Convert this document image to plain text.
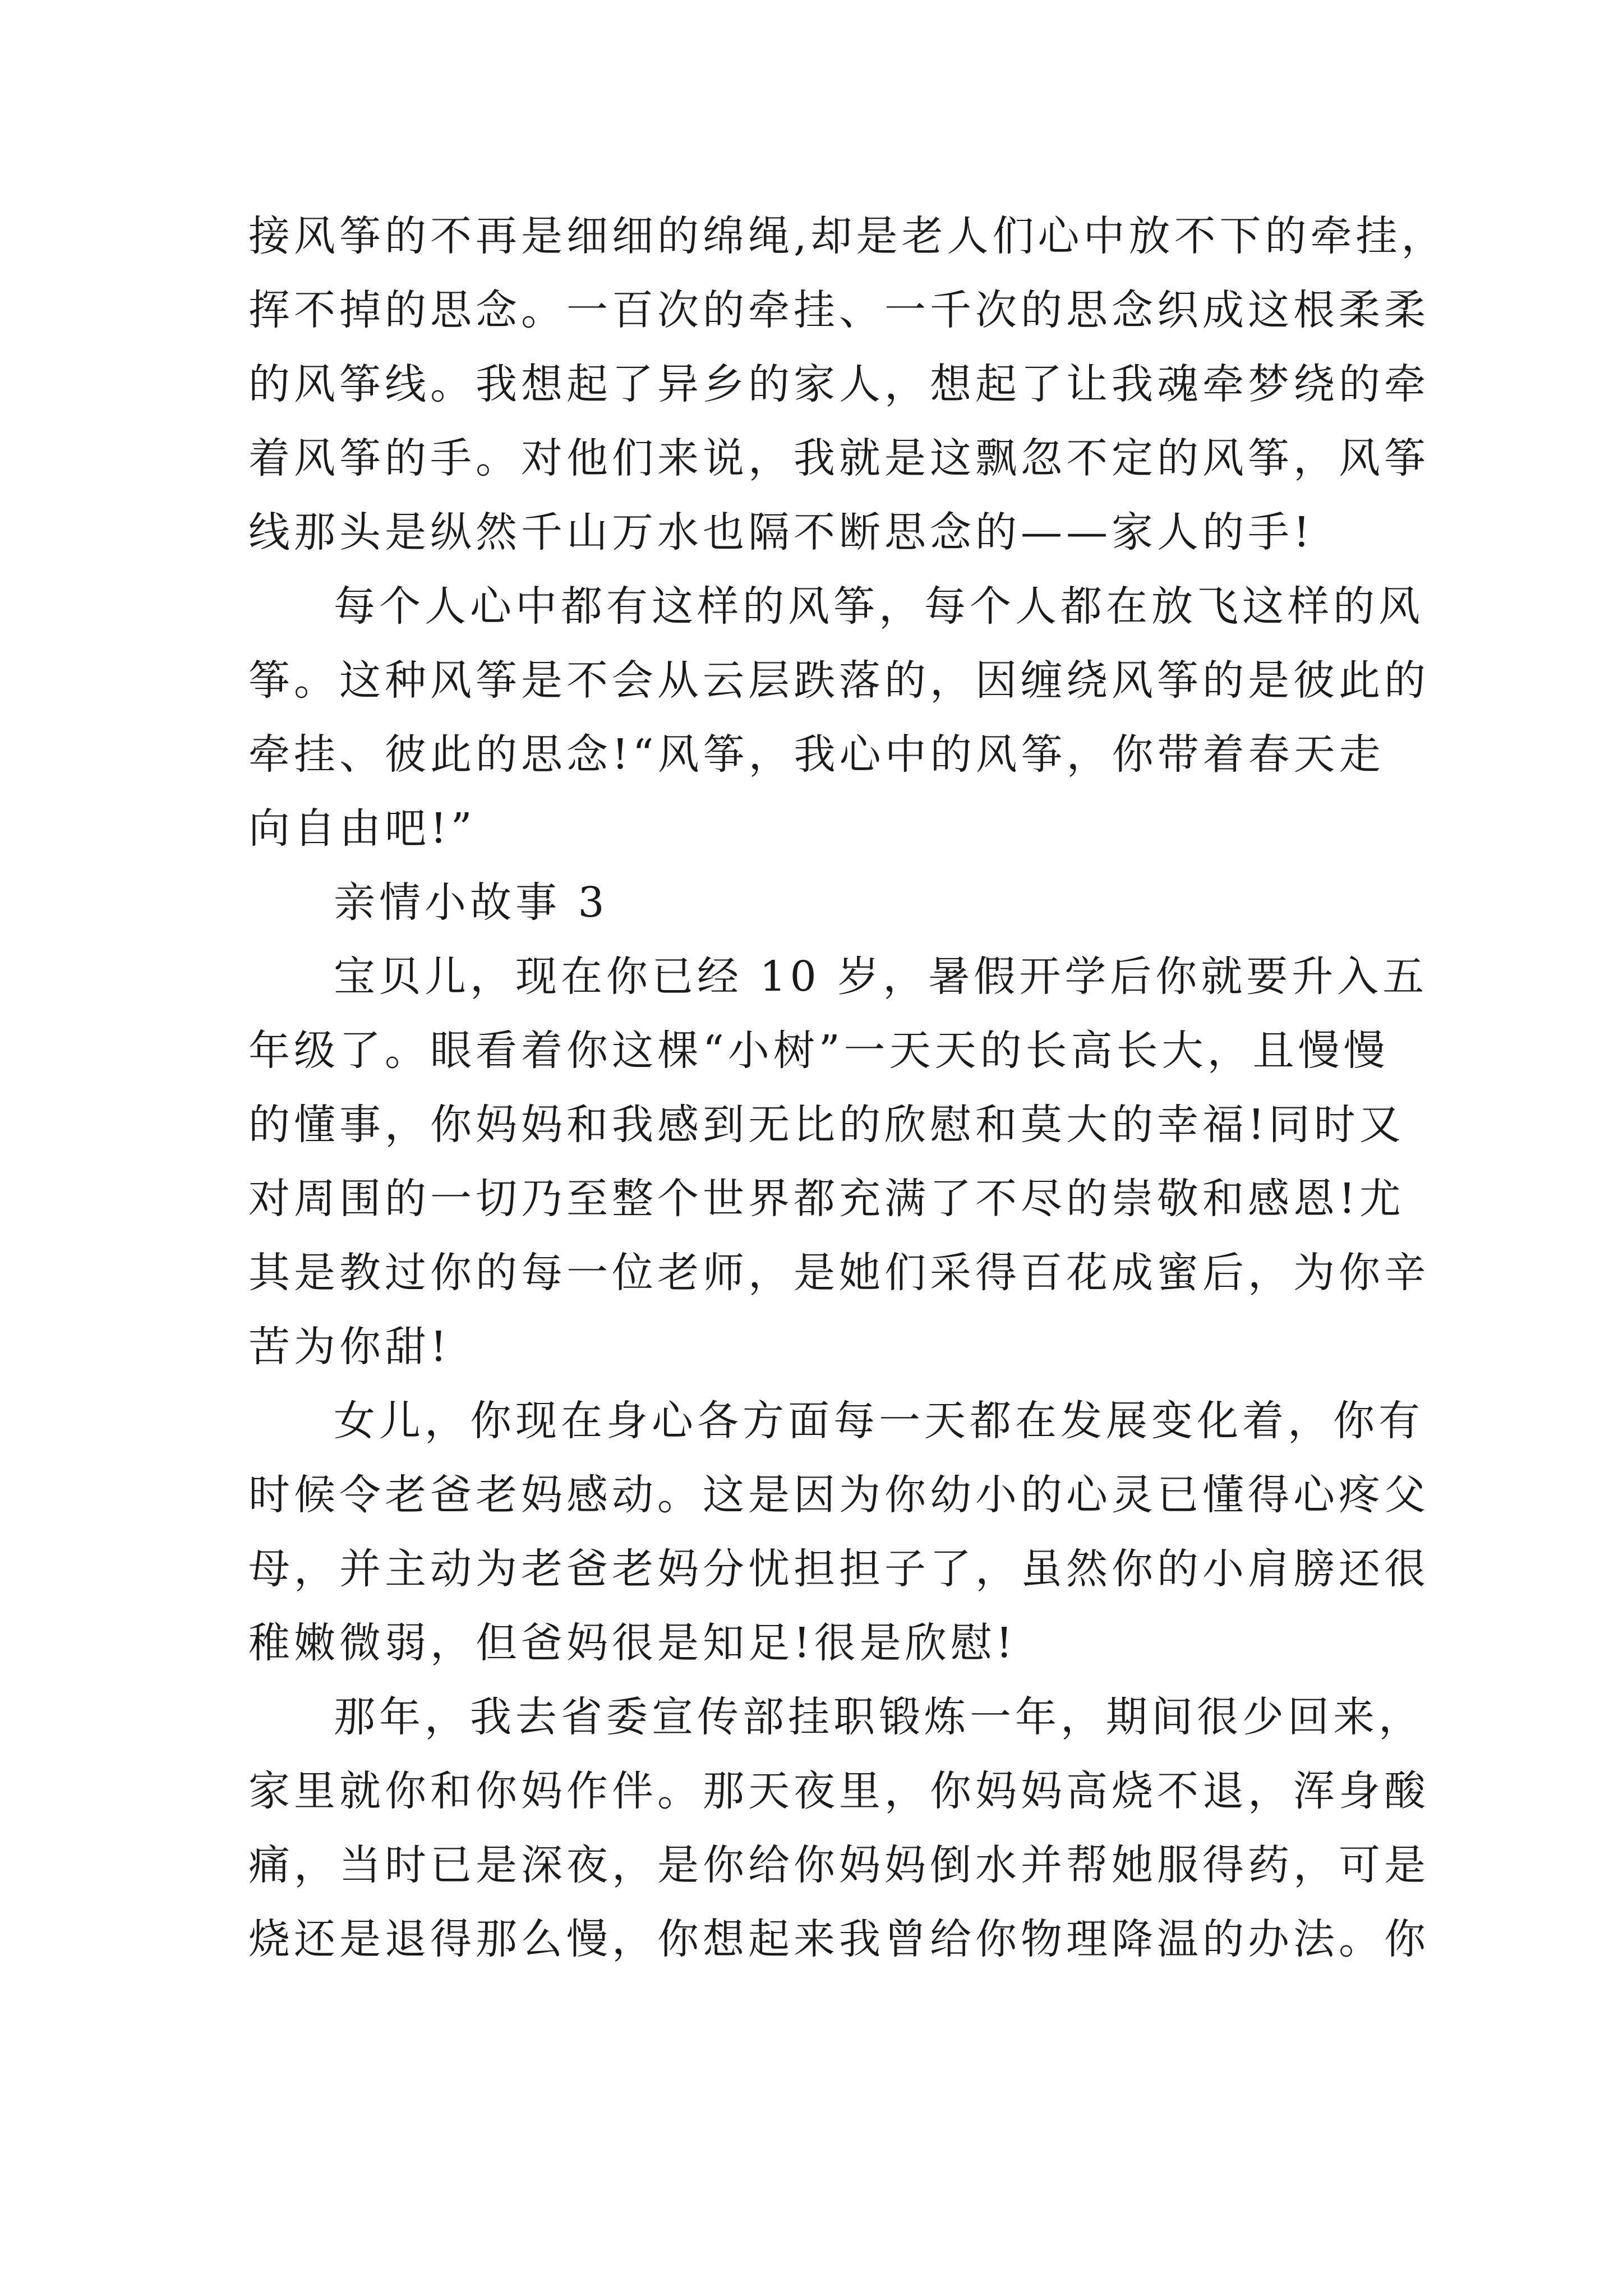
接风筝的不再是细细的绵绳,却是老人们心中放不下的牵挂，
挥不掉的思念。一百次的牵挂、一千次的思念织成这根柔柔
的风筝线。我想起了异乡的家人，想起了让我魂牵梦绕的牵
着风筝的手。对他们来说，我就是这飘忽不定的风筝，风筝
线那头是纵然千山万水也隔不断思念的——家人的手!
每个人心中都有这样的风筝，每个人都在放飞这样的风
筝。这种风筝是不会从云层跌落的，因缠绕风筝的是彼此的
牵挂、彼此的思念!“风筝，我心中的风筝，你带着春天走
向自由吧!”
亲情小故事 3
宝贝儿，现在你已经 10 岁，暑假开学后你就要升入五
年级了。眼看着你这棵“小树”一天天的长高长大，且慢慢
的懂事，你妈妈和我感到无比的欣慰和莫大的幸福!同时又
对周围的一切乃至整个世界都充满了不尽的崇敬和感恩!尤
其是教过你的每一位老师，是她们采得百花成蜜后，为你辛
苦为你甜!
女儿，你现在身心各方面每一天都在发展变化着，你有
时候令老爸老妈感动。这是因为你幼小的心灵已懂得心疼父
母，并主动为老爸老妈分忧担担子了，虽然你的小肩膀还很
稚嫩微弱，但爸妈很是知足!很是欣慰!
那年，我去省委宣传部挂职锻炼一年，期间很少回来，
家里就你和你妈作伴。那天夜里，你妈妈高烧不退，浑身酸
痛，当时已是深夜，是你给你妈妈倒水并帮她服得药，可是
烧还是退得那么慢，你想起来我曾给你物理降温的办法。你
